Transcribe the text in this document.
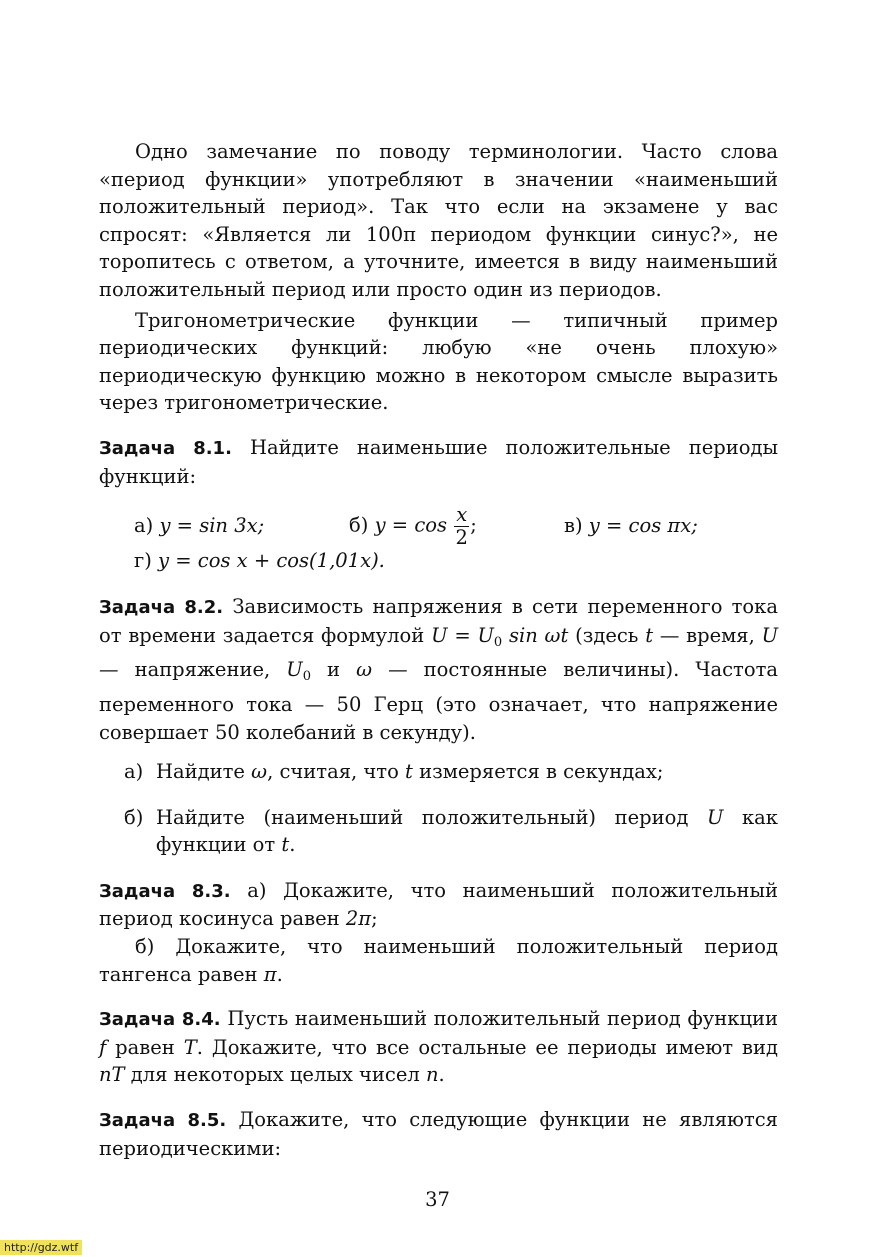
Одно замечание по поводу терминологии. Часто слова «период функции» употребляют в значении «наименьший положительный период». Так что если на экзамене у вас спросят: «Является ли 100π периодом функции синус?», не торопитесь с ответом, а уточните, имеется в виду наименьший положительный период или просто один из периодов.

Тригонометрические функции — типичный пример периодических функций: любую «не очень плохую» периодическую функцию можно в некотором смысле выразить через тригонометрические.

Задача 8.1. Найдите наименьшие положительные периоды функций:

а) y = sin 3x;	б) $y = \cos \frac{x}{2}$ ;	в) y = cos πx;
г) y = cos x + cos(1,01x).

Задача 8.2. Зависимость напряжения в сети переменного тока от времени задается формулой $U = U_0$ sin ωt (здесь t — время, U — напряжение, $U_0$ и ω — постоянные величины). Частота переменного тока — 50 Герц (это означает, что напряжение совершает 50 колебаний в секунду).

а) Найдите ω, считая, что t измеряется в секундах;
б) Найдите (наименьший положительный) период U как функции от t.

Задача 8.3. а) Докажите, что наименьший положительный период косинуса равен 2π;

б) Докажите, что наименьший положительный период тангенса равен π.

Задача 8.4. Пусть наименьший положительный период функции f равен T. Докажите, что все остальные ее периоды имеют вид nT для некоторых целых чисел n.

Задача 8.5. Докажите, что следующие функции не являются периодическими:

37
http://gdz.wtf
